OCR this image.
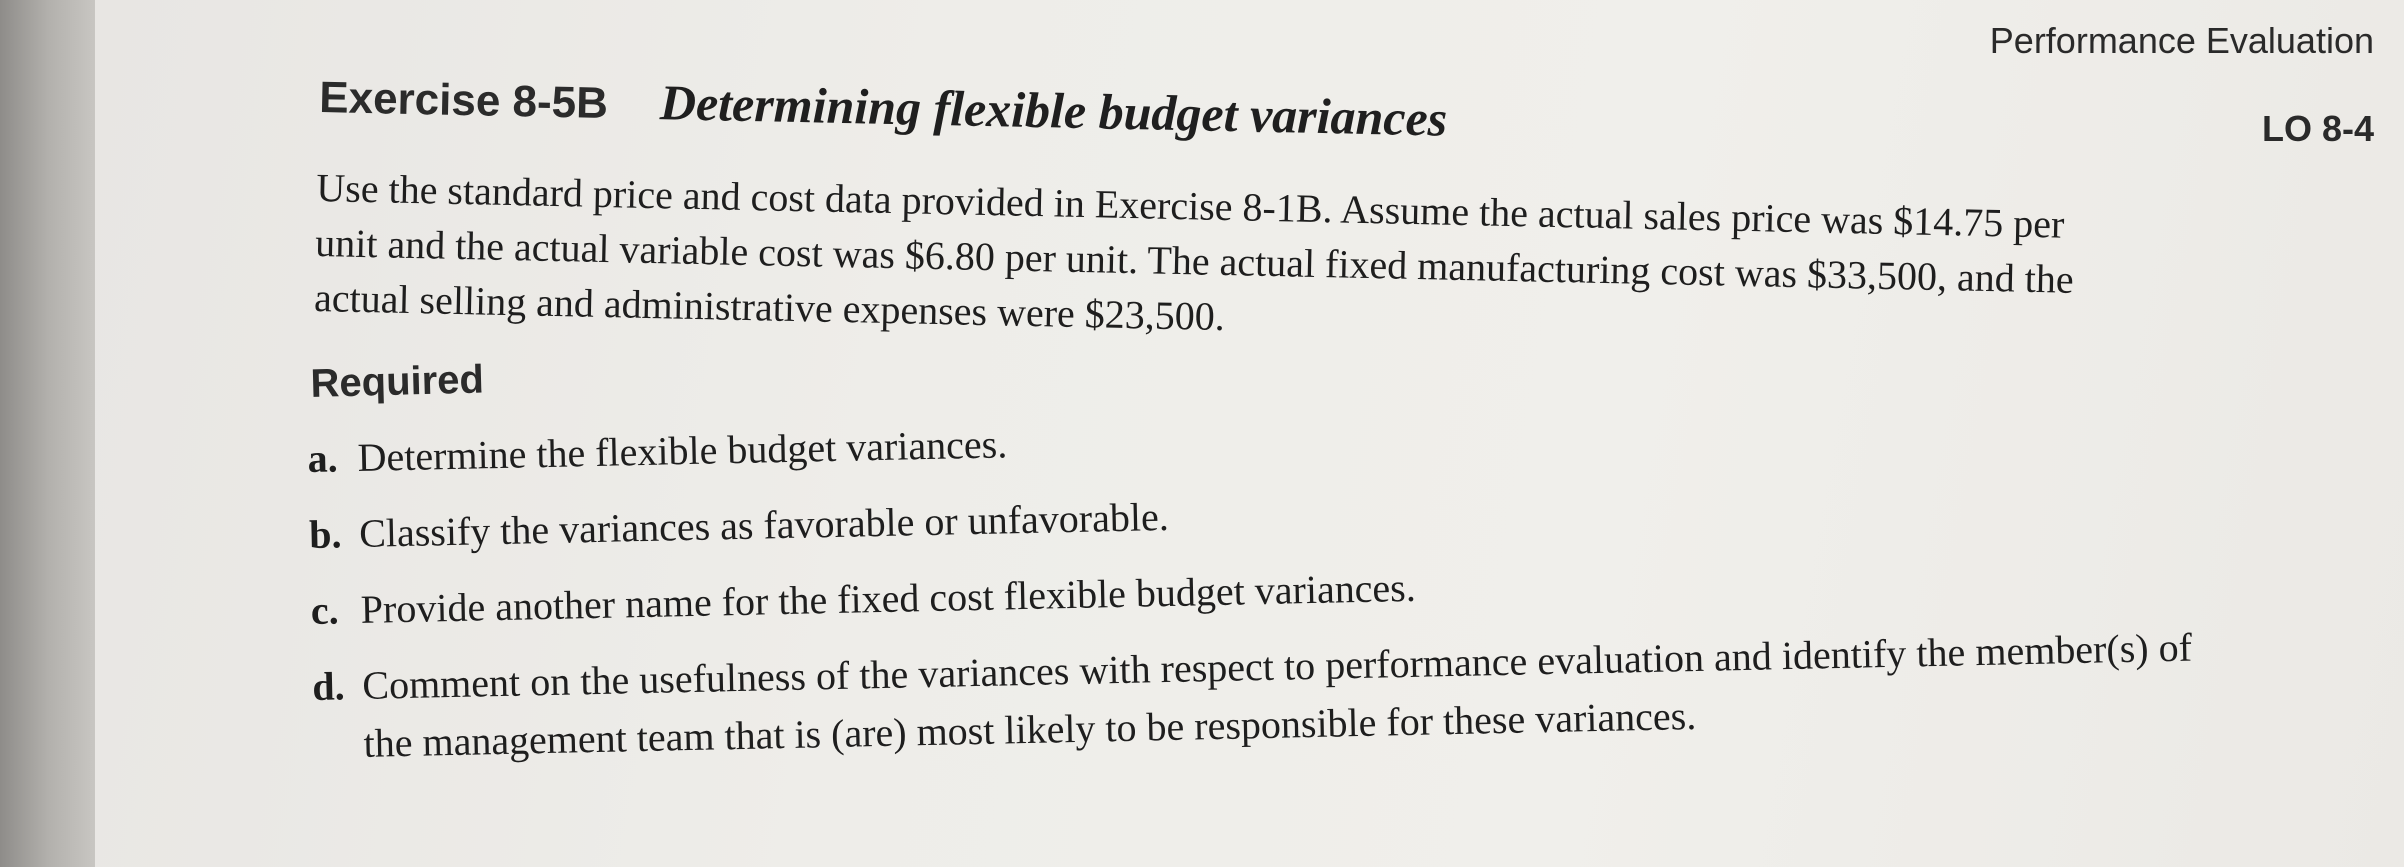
Performance Evaluation
LO 8-4
Exercise 8-5B Determining flexible budget variances

Use the standard price and cost data provided in Exercise 8-1B. Assume the actual sales price was $14.75 per unit and the actual variable cost was $6.80 per unit. The actual fixed manufacturing cost was $33,500, and the actual selling and administrative expenses were $23,500.

Required
a. Determine the flexible budget variances.
b. Classify the variances as favorable or unfavorable.
c. Provide another name for the fixed cost flexible budget variances.
d. Comment on the usefulness of the variances with respect to performance evaluation and identify the member(s) of the management team that is (are) most likely to be responsible for these variances.
